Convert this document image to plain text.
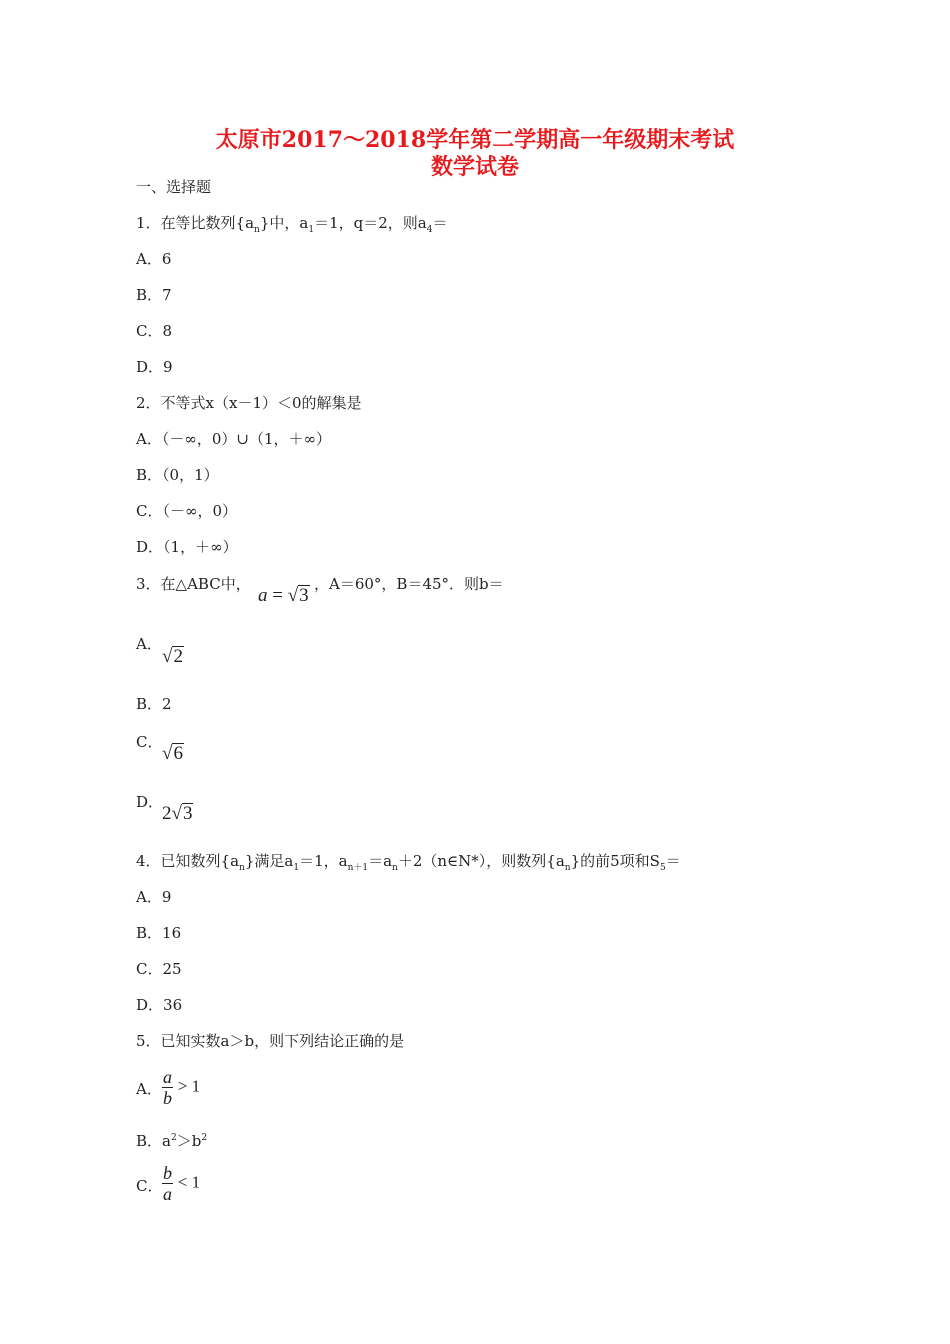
太原市2017～2018学年第二学期高一年级期末考试
数学试卷
一、选择题
1．在等比数列$\{a_n\}$中，$a_1=1$，q＝2，则$a_4=$
A．6
B．7
C．8
D．9
2．不等式x（x－1）＜0的解集是
A．（－∞，0）∪（1，＋∞）
B．（0，1）
C．（－∞，0）
D．（1，＋∞）
3．在△ABC中，
a = √ 3
，A＝60°，B＝45°．则b＝
A．
√ 2
B．2
C．
√ 6
D．
2 √ 3
4．已知数列$\{a_n\}$满足$a_1=1$，$a_{n+1}=a_n+2(n\in N*)$，则数列$\{a_n\}$的前5项和$S_5=$
A．9
B．16
C．25
D．36
5．已知实数a＞b，则下列结论正确的是
A． $\frac{a}{b} > 1$
B．$a^2>b^2$
C． $\frac{b}{a} < 1$
